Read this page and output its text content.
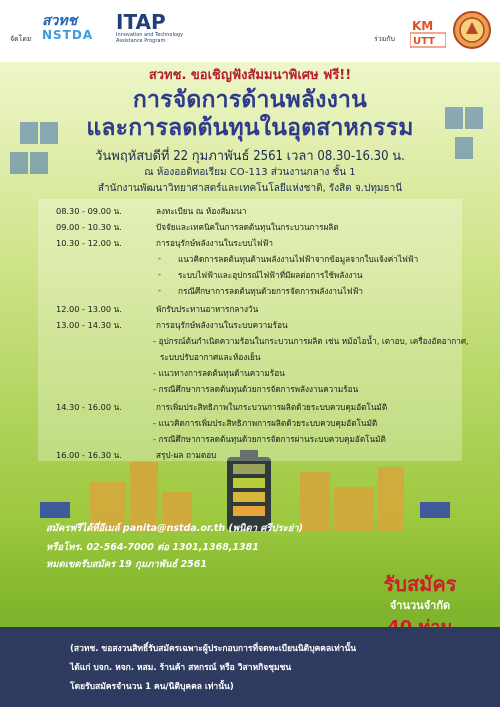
จัดโดย
สวทช
NSTDA
ITAP
Innovation and Technology Assistance Program	ร่วมกับ
KM
UTT
สวทช. ขอเชิญฟังสัมมนาพิเศษ ฟรี!!
การจัดการด้านพลังงาน
และการลดต้นทุนในอุตสาหกรรม
วันพฤหัสบดีที่ 22 กุมภาพันธ์ 2561 เวลา 08.30-16.30 น.
ณ ห้องออดิทอเรียม CO-113 ส่วนงานกลาง ชั้น 1
สำนักงานพัฒนาวิทยาศาสตร์และเทคโนโลยีแห่งชาติ, รังสิต จ.ปทุมธานี
08.30 - 09.00 น.	ลงทะเบียน ณ ห้องสัมมนา
09.00 - 10.30 น.	ปัจจัยและเทคนิคในการลดต้นทุนในกระบวนการผลิต
10.30 - 12.00 น.	การอนุรักษ์พลังงานในระบบไฟฟ้า
- แนวคิดการลดต้นทุนด้านพลังงานไฟฟ้าจากข้อมูลจากใบแจ้งค่าไฟฟ้า
- ระบบไฟฟ้าและอุปกรณ์ไฟฟ้าที่มีผลต่อการใช้พลังงาน
- กรณีศึกษาการลดต้นทุนด้วยการจัดการพลังงานไฟฟ้า
12.00 - 13.00 น.	พักรับประทานอาหารกลางวัน
13.00 - 14.30 น.	การอนุรักษ์พลังงานในระบบความร้อน
- อุปกรณ์ต้นกำเนิดความร้อนในกระบวนการผลิต เช่น หม้อไอน้ำ, เตาอบ, เครื่องอัดอากาศ,
ระบบปรับอากาศและห้องเย็น
- แนวทางการลดต้นทุนด้านความร้อน
- กรณีศึกษาการลดต้นทุนด้วยการจัดการพลังงานความร้อน
14.30 - 16.00 น.	การเพิ่มประสิทธิภาพในกระบวนการผลิตด้วยระบบควบคุมอัตโนมัติ
- แนวคิดการเพิ่มประสิทธิภาพการผลิตด้วยระบบควบคุมอัตโนมัติ
- กรณีศึกษาการลดต้นทุนด้วยการจัดการผ่านระบบควบคุมอัตโนมัติ
16.00 - 16.30 น.	สรุป-ผล ถามตอบ
สมัครฟรีได้ที่อีเมล์ panita@nstda.or.th (พนิดา ศรีประย่า)
หรือโทร. 02-564-7000 ต่อ 1301,1368,1381
หมดเขตรับสมัคร 19 กุมภาพันธ์ 2561
รับสมัคร
จำนวนจำกัด
(สวทช. ขอสงวนสิทธิ์รับสมัครเฉพาะผู้ประกอบการที่จดทะเบียนนิติบุคคลเท่านั้น
ได้แก่ บจก. หจก. หสม. ร้านค้า สหกรณ์ หรือ วิสาหกิจชุมชน
โดยรับสมัครจำนวน 1 คน/นิติบุคคล เท่านั้น)
